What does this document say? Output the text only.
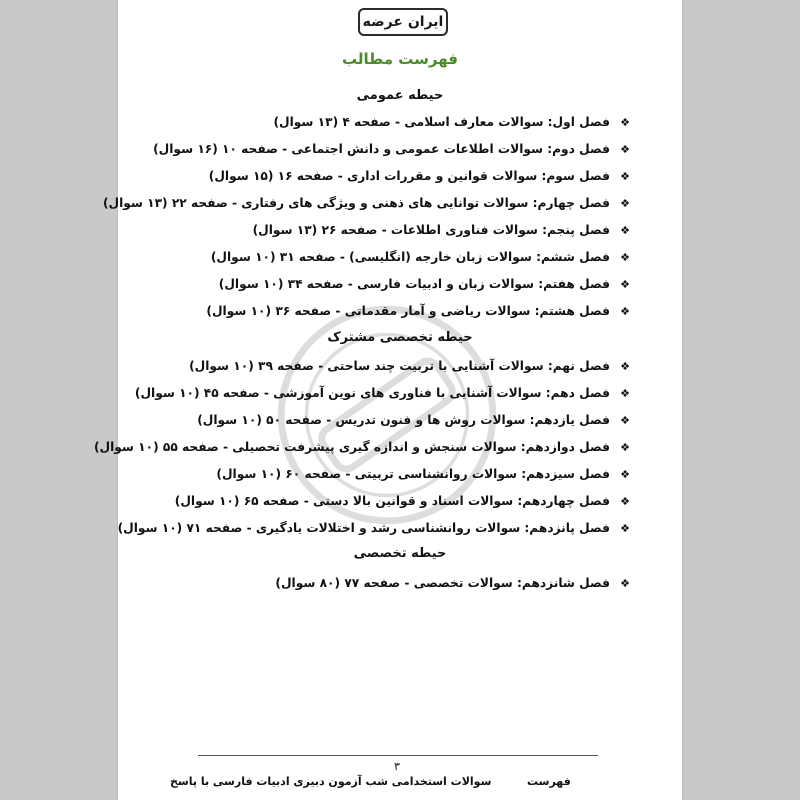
ایران عرضه
فهرست مطالب
حیطه عمومی
❖
فصل اول: سوالات معارف اسلامی - صفحه ۴ (۱۳ سوال)
❖
فصل دوم: سوالات اطلاعات عمومی و دانش اجتماعی - صفحه ۱۰ (۱۶ سوال)
❖
فصل سوم: سوالات قوانین و مقررات اداری - صفحه ۱۶ (۱۵ سوال)
❖
فصل چهارم: سوالات توانایی های ذهنی و ویژگی های رفتاری - صفحه ۲۲ (۱۳ سوال)
❖
فصل پنجم: سوالات فناوری اطلاعات - صفحه ۲۶ (۱۳ سوال)
❖
فصل ششم: سوالات زبان خارجه (انگلیسی) - صفحه ۳۱ (۱۰ سوال)
❖
فصل هفتم: سوالات زبان و ادبیات فارسی - صفحه ۳۴ (۱۰ سوال)
❖
فصل هشتم: سوالات ریاضی و آمار مقدماتی - صفحه ۳۶ (۱۰ سوال)
حیطه تخصصی مشترک
❖
فصل نهم: سوالات آشنایی با تربیت چند ساحتی - صفحه ۳۹ (۱۰ سوال)
❖
فصل دهم: سوالات آشنایی با فناوری های نوین آموزشی - صفحه ۴۵ (۱۰ سوال)
❖
فصل یازدهم: سوالات روش ها و فنون تدریس - صفحه ۵۰ (۱۰ سوال)
❖
فصل دوازدهم: سوالات سنجش و اندازه گیری پیشرفت تحصیلی - صفحه ۵۵ (۱۰ سوال)
❖
فصل سیزدهم: سوالات روانشناسی تربیتی - صفحه ۶۰ (۱۰ سوال)
❖
فصل چهاردهم: سوالات اسناد و قوانین بالا دستی - صفحه ۶۵ (۱۰ سوال)
❖
فصل پانزدهم: سوالات روانشناسی رشد و اختلالات یادگیری - صفحه ۷۱ (۱۰ سوال)
حیطه تخصصی
❖
فصل شانزدهم: سوالات تخصصی - صفحه ۷۷ (۸۰ سوال)
۳
سوالات استخدامی شب آزمون دبیری ادبیات فارسی با پاسخ	فهرست
